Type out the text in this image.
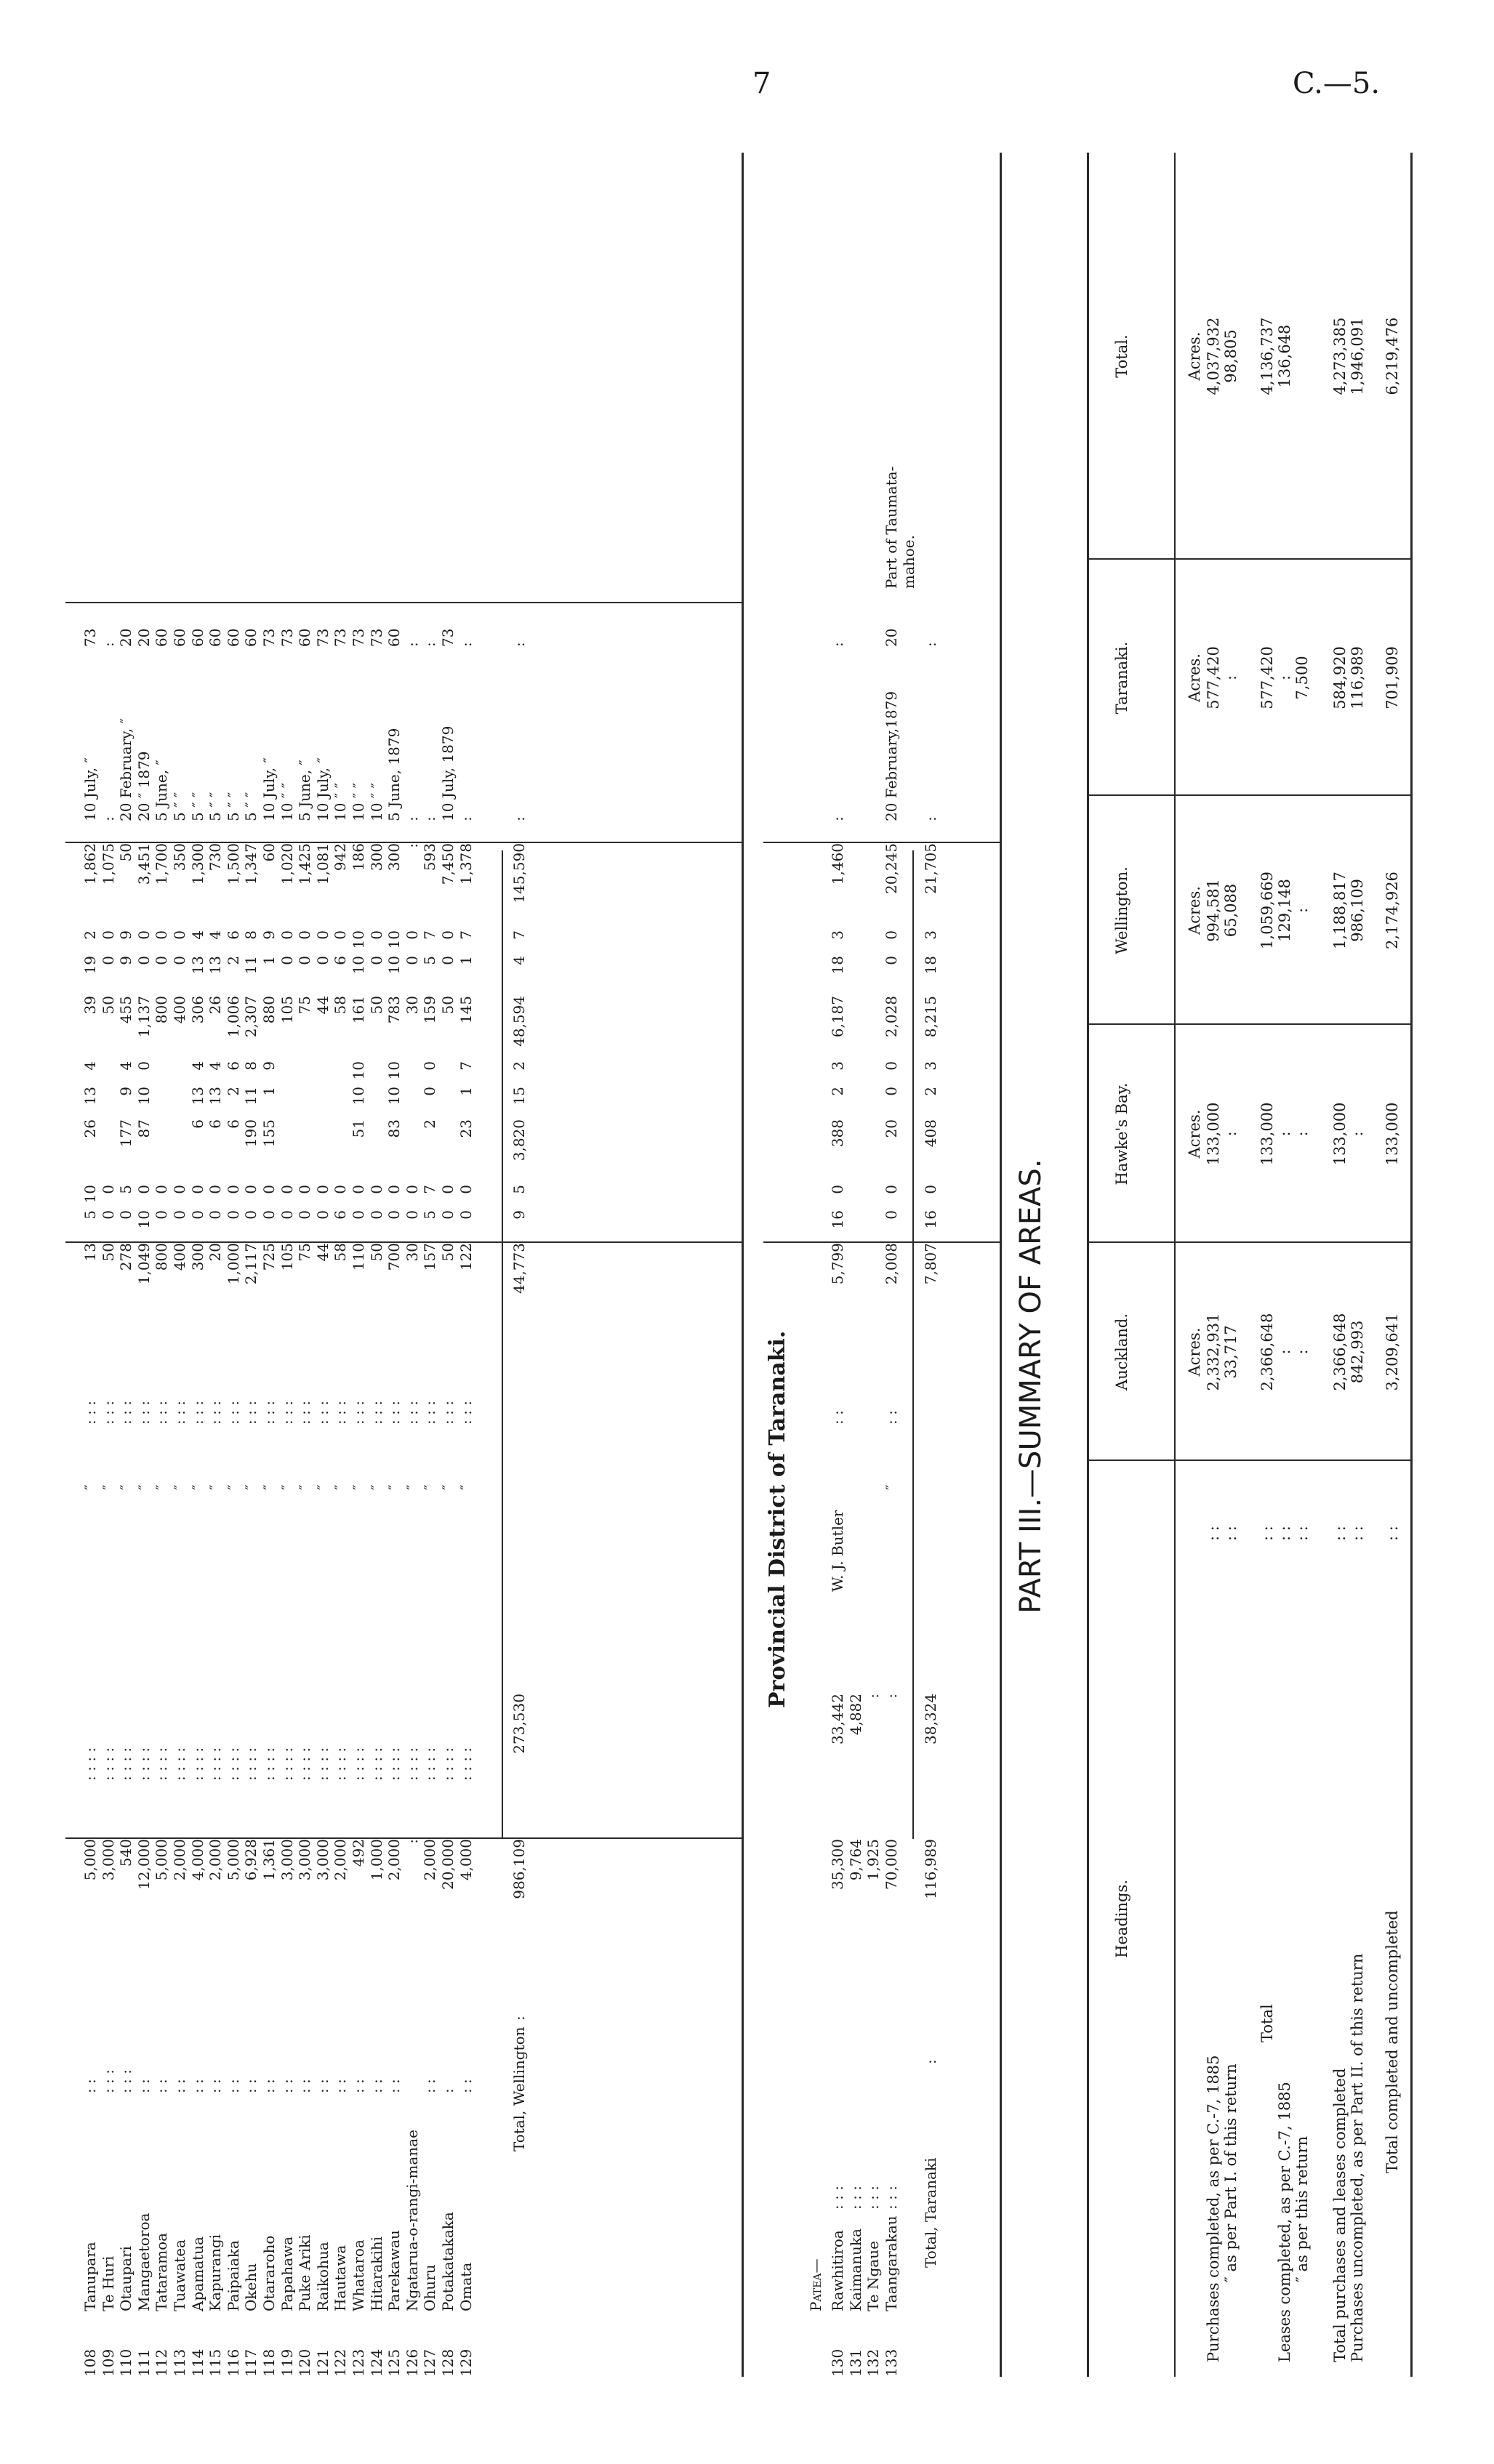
7	C.—5.
108
Tanupara
: :
5,000
: : : :
″
: : :
13
5
10
26
13
4
39
19
2
1,862
10 July, ″
73
109
Te Huri
: : :
3,000
: : : :
″
: : :
50
0
0
50
0
0
1,075
:
:
110
Otaupari
: : :
540
: : : :
″
: : :
278
0
5
177
9
4
455
9
9
50
20 February, ″
20
111
Mangaetoroa
: :
12,000
: : : :
″
: : :
1,049
10
0
87
10
0
1,137
0
0
3,451
20 ″ 1879
20
112
Tataramoa
: :
5,000
: : : :
″
: : :
800
0
0
800
0
0
1,700
5 June, ″
60
113
Tuawatea
: :
2,000
: : : :
″
: : :
400
0
0
400
0
0
350
5 ″ ″
60
114
Apamatua
: :
4,000
: : : :
″
: : :
300
0
0
6
13
4
306
13
4
1,300
5 ″ ″
60
115
Kapurangi
: :
2,000
: : : :
″
: : :
20
0
0
6
13
4
26
13
4
730
5 ″ ″
60
116
Paipaiaka
: :
5,000
: : : :
″
: : :
1,000
0
0
6
2
6
1,006
2
6
1,500
5 ″ ″
60
117
Okehu
: :
6,928
: : : :
″
: : :
2,117
0
0
190
11
8
2,307
11
8
1,347
5 ″ ″
60
118
Otararoho
: :
1,361
: : : :
″
: : :
725
0
0
155
1
9
880
1
9
60
10 July, ″
73
119
Papahawa
: :
3,000
: : : :
″
: : :
105
0
0
105
0
0
1,020
10 ″ ″
73
120
Puke Ariki
: :
3,000
: : : :
″
: : :
75
0
0
75
0
0
1,425
5 June, ″
60
121
Raikohua
: :
3,000
: : : :
″
: : :
44
0
0
44
0
0
1,081
10 July, ″
73
122
Hautawa
: :
2,000
: : : :
″
: : :
58
6
0
58
6
0
942
10 ″ ″
73
123
Whataroa
: :
492
: : : :
″
: : :
110
0
0
51
10
10
161
10
10
186
10 ″ ″
73
124
Hitarakihi
: :
1,000
: : : :
″
: : :
50
0
0
50
0
0
300
10 ″ ″
73
125
Parekawau
: :
2,000
: : : :
″
: : :
700
0
0
83
10
10
783
10
10
300
5 June, 1879
60
126
Ngatarua-o-rangi-manae
:
: : : :
″
: : :
30
0
0
30
0
0
:
:
:
127
Ohuru
: :
2,000
: : : :
″
: : :
157
5
7
2
0
0
159
5
7
593
:
:
128
Potakatakaka
:
20,000
: : : :
″
: : :
50
0
0
50
0
0
7,450
10 July, 1879
73
129
Omata
: :
4,000
: : : :
″
: : :
122
0
0
23
1
7
145
1
7
1,378
:
:
Total, Wellington
:
986,109
273,530
44,773
9
5
3,820
15
2
48,594
4
7
145,590
:
:
Provincial District of Taranaki.
Patea—
130
Rawhitiroa
: : :
35,300
33,442
W. J. Butler
: :
5,799
16
0
388
2
3
6,187
18
3
1,460
:
:
131
Kaimanuka
: : :
9,764
4,882
132
Te Ngaue
: : :
1,925
:
133
Taangarakau
: : :
70,000
:
″
: :
2,008
0
0
20
0
0
2,028
0
0
20,245
20 February,1879
20
Part of Taumata-mahoe.
Total, Taranaki
:
116,989
38,324
7,807
16
0
408
2
3
8,215
18
3
21,705
:
:
PART III.—SUMMARY OF AREAS.
Headings.
Auckland.
Hawke's Bay.
Wellington.
Taranaki.
Total.
Acres.
Acres.
Acres.
Acres.
Acres.
Purchases completed, as per C.-7, 1885
: :
2,332,931
133,000
994,581
577,420
4,037,932
″ as per Part I. of this return
: :
33,717
:
65,088
:
98,805
Total
: :
2,366,648
133,000
1,059,669
577,420
4,136,737
Leases completed, as per C.-7, 1885
: :
:
:
129,148
:
136,648
″ as per this return
: :
:
:
:
7,500
Total purchases and leases completed
: :
2,366,648
133,000
1,188,817
584,920
4,273,385
Purchases uncompleted, as per Part II. of this return
: :
842,993
:
986,109
116,989
1,946,091
Total completed and uncompleted
: :
3,209,641
133,000
2,174,926
701,909
6,219,476
